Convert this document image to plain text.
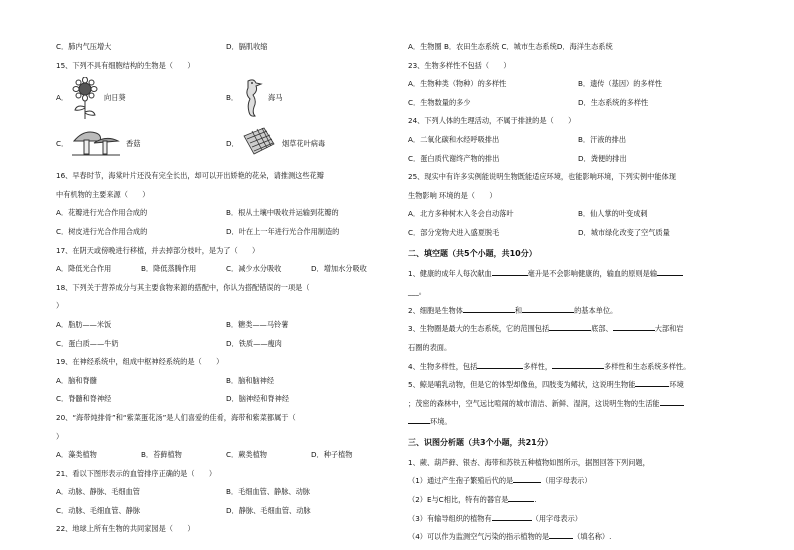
C．肺内气压增大	D．膈肌收缩
15、下列不具有细胞结构的生物是（　　）
A．	向日葵	B．	海马
C．	香菇	D．	烟草花叶病毒
16、早春时节，海棠叶片还没有完全长出，却可以开出娇艳的花朵，请推测这些花瓣
中有机物的主要来源（　　）
A．花瓣进行光合作用合成的	B．根从土壤中吸收并运输到花瓣的
C．树皮进行光合作用合成的	D．叶在上一年进行光合作用制造的
17、在阴天或傍晚进行移植，并去掉部分枝叶，是为了（　　）
A．降低光合作用	B．降低蒸腾作用	C．减少水分吸收	D．增加水分吸收
18、下列关于营养成分与其主要食物来源的搭配中，你认为搭配错误的一项是（
）
A．脂肪——米饭	B．糖类——马铃薯
C．蛋白质——牛奶	D．铁质——瘦肉
19、在神经系统中，组成中枢神经系统的是（　　）
A．脑和脊髓	B．脑和脑神经
C．脊髓和脊神经	D．脑神经和脊神经
20、“海带炖排骨”和“紫菜蛋花汤”是人们喜爱的佳肴，海带和紫菜都属于（
）
A．藻类植物	B．苔藓植物	C．蕨类植物	D．种子植物
21、看以下图形表示的血管排序正确的是（　　）
A．动脉、静脉、毛细血管	B．毛细血管、静脉、动脉
C．动脉、毛细血管、静脉	D．静脉、毛细血管、动脉
22、地球上所有生物的共同家园是（　　）
A．生物圈 B．农田生态系统 C．城市生态系统D．海洋生态系统
23、生物多样性不包括（　　）
A．生物种类（物种）的多样性	B．遗传（基因）的多样性
C．生物数量的多少	D．生态系统的多样性
24、下列人体的生理活动，不属于排泄的是（　　）
A．二氧化碳和水经呼吸排出	B．汗液的排出
C．蛋白质代谢终产物的排出	D．粪便的排出
25、现实中有许多实例能说明生物既能适应环境，也能影响环境，下列实例中能体现
生物影响 环境的是（　　）
A．北方多种树木入冬会自动落叶	B．仙人掌的叶变成刺
C．部分宠物犬进入盛夏脱毛	D．城市绿化改变了空气质量
二、填空题（共5个小题，共10分）
1、健康的成年人每次献血	毫升是不会影响健康的，输血的原则是输
___。
2、细胞是生物体	和	的基本单位。
3、生物圈是最大的生态系统，它的范围包括	底部、	大部和岩
石圈的表面。
4、生物多样性，包括	多样性，	多样性和生态系统多样性。
5、鲸是哺乳动物，但是它的体型却像鱼，四肢变为鳍状，这说明生物能	环境
；茂密的森林中，空气远比喧闹的城市清洁、新鲜、湿润，这说明生物的生活能
环境。
三、识图分析题（共3个小题，共21分）
1、蕨、葫芦藓、银杏、海带和苏铁五种植物如图所示，据图回答下列问题，
（1）通过产生孢子繁殖后代的是	（用字母表示）
（2）E与C相比，特有的器官是	.
（3）有输导组织的植物有	（用字母表示）
（4）可以作为监测空气污染的指示植物的是	（填名称）.
